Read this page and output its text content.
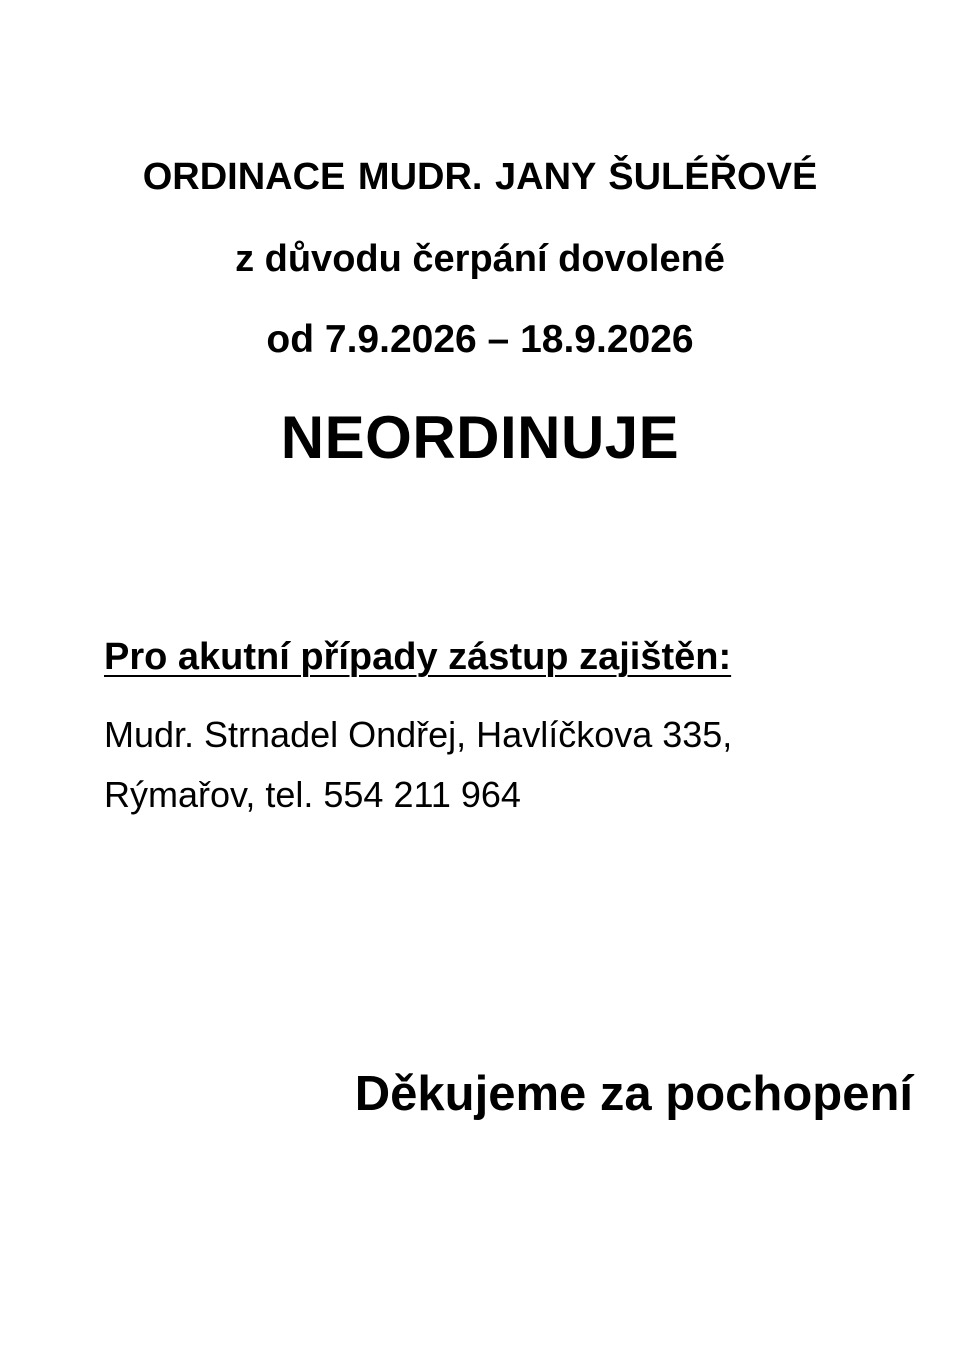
ORDINACE MUDR. JANY ŠULÉŘOVÉ

z důvodu čerpání dovolené

od 7.9.2026 – 18.9.2026

NEORDINUJE

Pro akutní případy zástup zajištěn:

Mudr. Strnadel Ondřej, Havlíčkova 335,

Rýmařov, tel. 554 211 964

Děkujeme za pochopení
